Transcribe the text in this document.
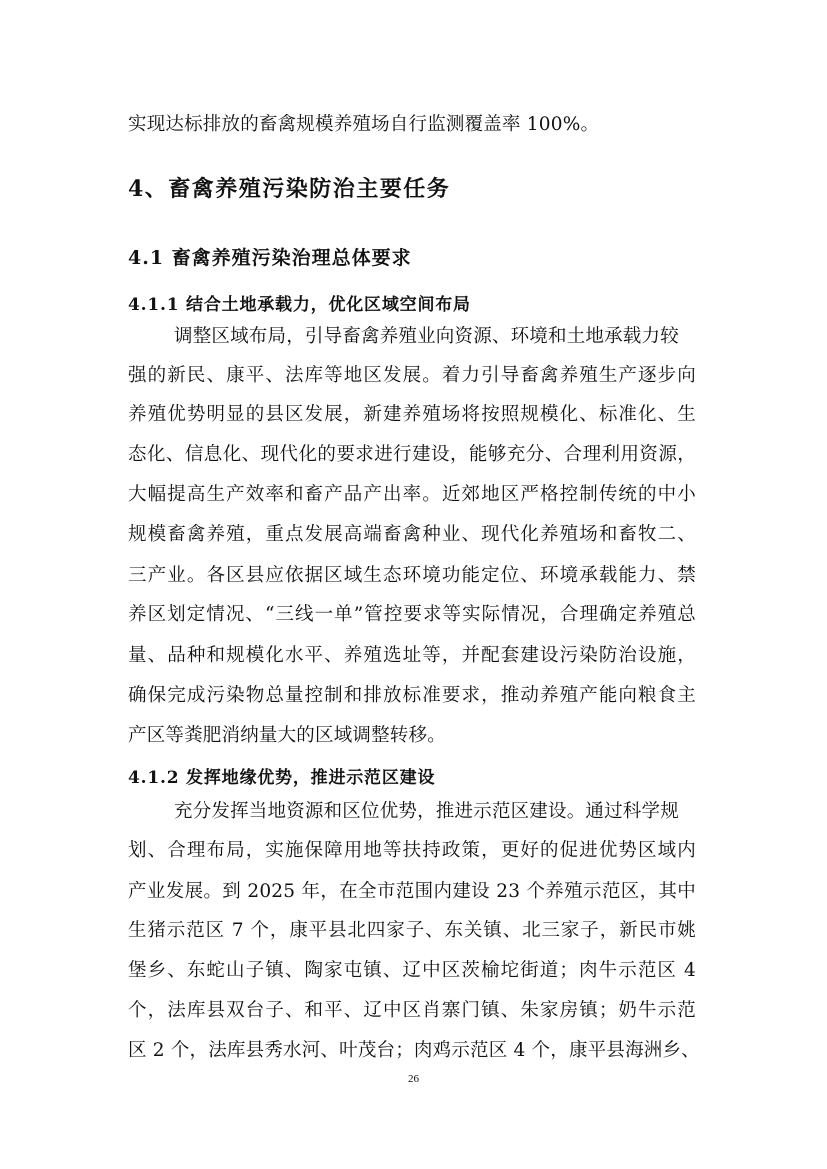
实现达标排放的畜禽规模养殖场自行监测覆盖率 100%。
4、畜禽养殖污染防治主要任务
4.1 畜禽养殖污染治理总体要求
4.1.1 结合土地承载力，优化区域空间布局
调整区域布局，引导畜禽养殖业向资源、环境和土地承载力较
强的新民、康平、法库等地区发展。着力引导畜禽养殖生产逐步向
养殖优势明显的县区发展，新建养殖场将按照规模化、标准化、生
态化、信息化、现代化的要求进行建设，能够充分、合理利用资源，
大幅提高生产效率和畜产品产出率。近郊地区严格控制传统的中小
规模畜禽养殖，重点发展高端畜禽种业、现代化养殖场和畜牧二、
三产业。各区县应依据区域生态环境功能定位、环境承载能力、禁
养区划定情况、“三线一单”管控要求等实际情况，合理确定养殖总
量、品种和规模化水平、养殖选址等，并配套建设污染防治设施，
确保完成污染物总量控制和排放标准要求，推动养殖产能向粮食主
产区等粪肥消纳量大的区域调整转移。
4.1.2 发挥地缘优势，推进示范区建设
充分发挥当地资源和区位优势，推进示范区建设。通过科学规
划、合理布局，实施保障用地等扶持政策，更好的促进优势区域内
产业发展。到 2025 年，在全市范围内建设 23 个养殖示范区，其中
生猪示范区 7 个，康平县北四家子、东关镇、北三家子，新民市姚
堡乡、东蛇山子镇、陶家屯镇、辽中区茨榆坨街道；肉牛示范区 4
个，法库县双台子、和平、辽中区肖寨门镇、朱家房镇；奶牛示范
区 2 个，法库县秀水河、叶茂台；肉鸡示范区 4 个，康平县海洲乡、
26
